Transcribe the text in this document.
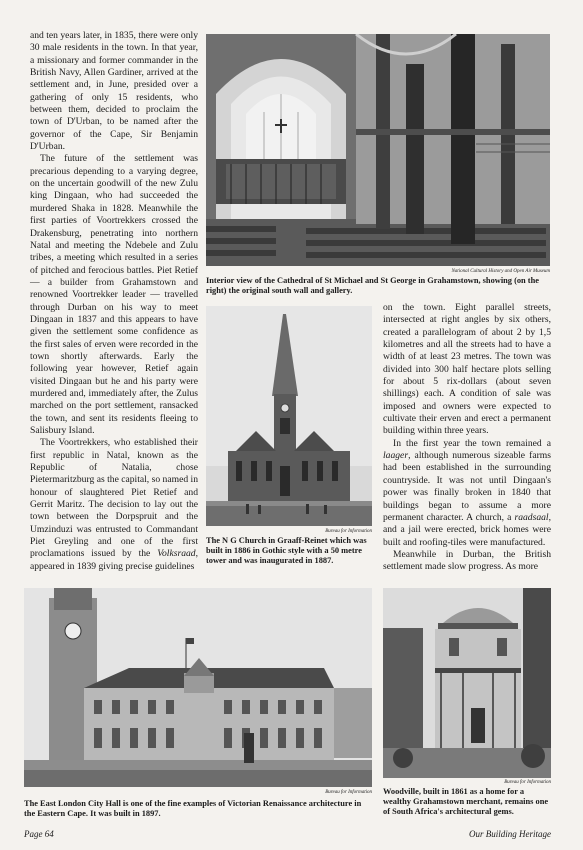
and ten years later, in 1835, there were only 30 male residents in the town. In that year, a missionary and former commander in the British Navy, Allen Gardiner, arrived at the settlement and, in June, presided over a gathering of only 15 residents, who between them, decided to proclaim the town of D'Urban, to be named after the governor of the Cape, Sir Benjamin D'Urban.

The future of the settlement was precarious depending to a varying degree, on the uncertain goodwill of the new Zulu king Dingaan, who had succeeded the murdered Shaka in 1828. Meanwhile the first parties of Voortrekkers crossed the Drakensburg, penetrating into northern Natal and meeting the Ndebele and Zulu tribes, a meeting which resulted in a series of pitched and ferocious battles. Piet Retief — a builder from Grahamstown and renowned Voortrekker leader — travelled through Durban on his way to meet Dingaan in 1837 and this appears to have given the settlement some confidence as the first sales of erven were recorded in the town shortly afterwards. Early the following year however, Retief again visited Dingaan but he and his party were murdered and, immediately after, the Zulus marched on the port settlement, ransacked the town, and sent its residents fleeing to Salisbury Island.

The Voortrekkers, who established their first republic in Natal, known as the Republic of Natalia, chose Pietermaritzburg as the capital, so named in honour of slaughtered Piet Retief and Gerrit Maritz. The decision to lay out the town between the Dorpspruit and the Umzinduzi was entrusted to Commandant Piet Greyling and one of the first proclamations issued by the Volksraad, appeared in 1839 giving precise guidelines

National Cultural History and Open Air Museum
Interior view of the Cathedral of St Michael and St George in Grahamstown, showing (on the right) the original south wall and gallery.
Bureau for Information
The N G Church in Graaff-Reinet which was built in 1886 in Gothic style with a 50 metre tower and was inaugurated in 1887.

on the town. Eight parallel streets, intersected at right angles by six others, created a parallelogram of about 2 by 1,5 kilometres and all the streets had to have a width of at least 23 metres. The town was divided into 300 half hectare plots selling for about 5 rix-dollars (about seven shillings) each. A condition of sale was imposed and owners were expected to cultivate their erven and erect a permanent building within three years.

In the first year the town remained a laager, although numerous sizeable farms had been established in the surrounding countryside. It was not until Dingaan's power was finally broken in 1840 that buildings began to assume a more permanent character. A church, a raadsaal, and a jail were erected, brick homes were built and roofing-tiles were manufactured.

Meanwhile in Durban, the British settlement made slow progress. As more

Bureau for Information
The East London City Hall is one of the fine examples of Victorian Renaissance architecture in the Eastern Cape. It was built in 1897.
Bureau for Information
Woodville, built in 1861 as a home for a wealthy Grahamstown merchant, remains one of South Africa's architectural gems.
Page 64	Our Building Heritage
